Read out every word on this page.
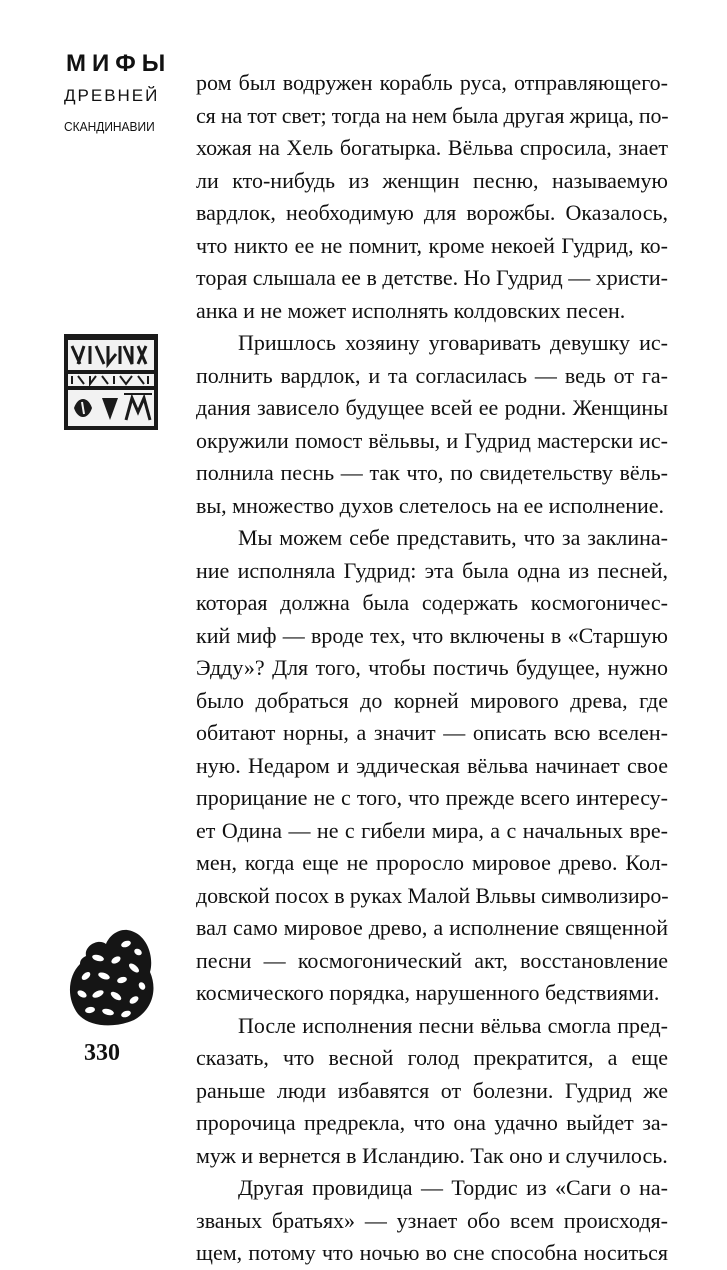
МИФЫ
ДРЕВНЕЙ
СКАНДИНАВИИ
330

ром был водружен корабль руса, отправляющего-
ся на тот свет; тогда на нем была другая жрица, по-
хожая на Хель богатырка. Вёльва спросила, знает
ли кто-нибудь из женщин песню, называемую
вардлок, необходимую для ворожбы. Оказалось,
что никто ее не помнит, кроме некоей Гудрид, ко-
торая слышала ее в детстве. Но Гудрид — христи-
анка и не может исполнять колдовских песен.

Пришлось хозяину уговаривать девушку ис-
полнить вардлок, и та согласилась — ведь от га-
дания зависело будущее всей ее родни. Женщины
окружили помост вёльвы, и Гудрид мастерски ис-
полнила песнь — так что, по свидетельству вёль-
вы, множество духов слетелось на ее исполнение.

Мы можем себе представить, что за заклина-
ние исполняла Гудрид: эта была одна из песней,
которая должна была содержать космогоничес-
кий миф — вроде тех, что включены в «Старшую
Эдду»? Для того, чтобы постичь будущее, нужно
было добраться до корней мирового древа, где
обитают норны, а значит — описать всю вселен-
ную. Недаром и эддическая вёльва начинает свое
прорицание не с того, что прежде всего интересу-
ет Одина — не с гибели мира, а с начальных вре-
мен, когда еще не проросло мировое древо. Кол-
довской посох в руках Малой Вльвы символизиро-
вал само мировое древо, а исполнение священной
песни — космогонический акт, восстановление
космического порядка, нарушенного бедствиями.

После исполнения песни вёльва смогла пред-
сказать, что весной голод прекратится, а еще
раньше люди избавятся от болезни. Гудрид же
пророчица предрекла, что она удачно выйдет за-
муж и вернется в Исландию. Так оно и случилось.

Другая провидица — Тордис из «Саги о на-
званых братьях» — узнает обо всем происходя-
щем, потому что ночью во сне способна носиться
